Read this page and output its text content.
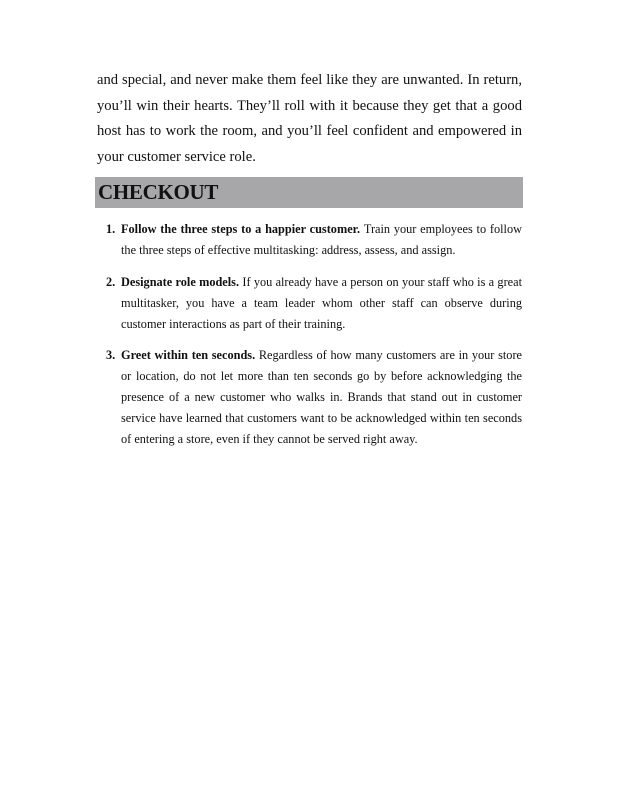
and special, and never make them feel like they are unwanted. In return, you’ll win their hearts. They’ll roll with it because they get that a good host has to work the room, and you’ll feel confident and empowered in your customer service role.

CHECKOUT
1. Follow the three steps to a happier customer. Train your employees to follow the three steps of effective multitasking: address, assess, and assign.
2. Designate role models. If you already have a person on your staff who is a great multitasker, you have a team leader whom other staff can observe during customer interactions as part of their training.
3. Greet within ten seconds. Regardless of how many customers are in your store or location, do not let more than ten seconds go by before acknowledging the presence of a new customer who walks in. Brands that stand out in customer service have learned that customers want to be acknowledged within ten seconds of entering a store, even if they cannot be served right away.
